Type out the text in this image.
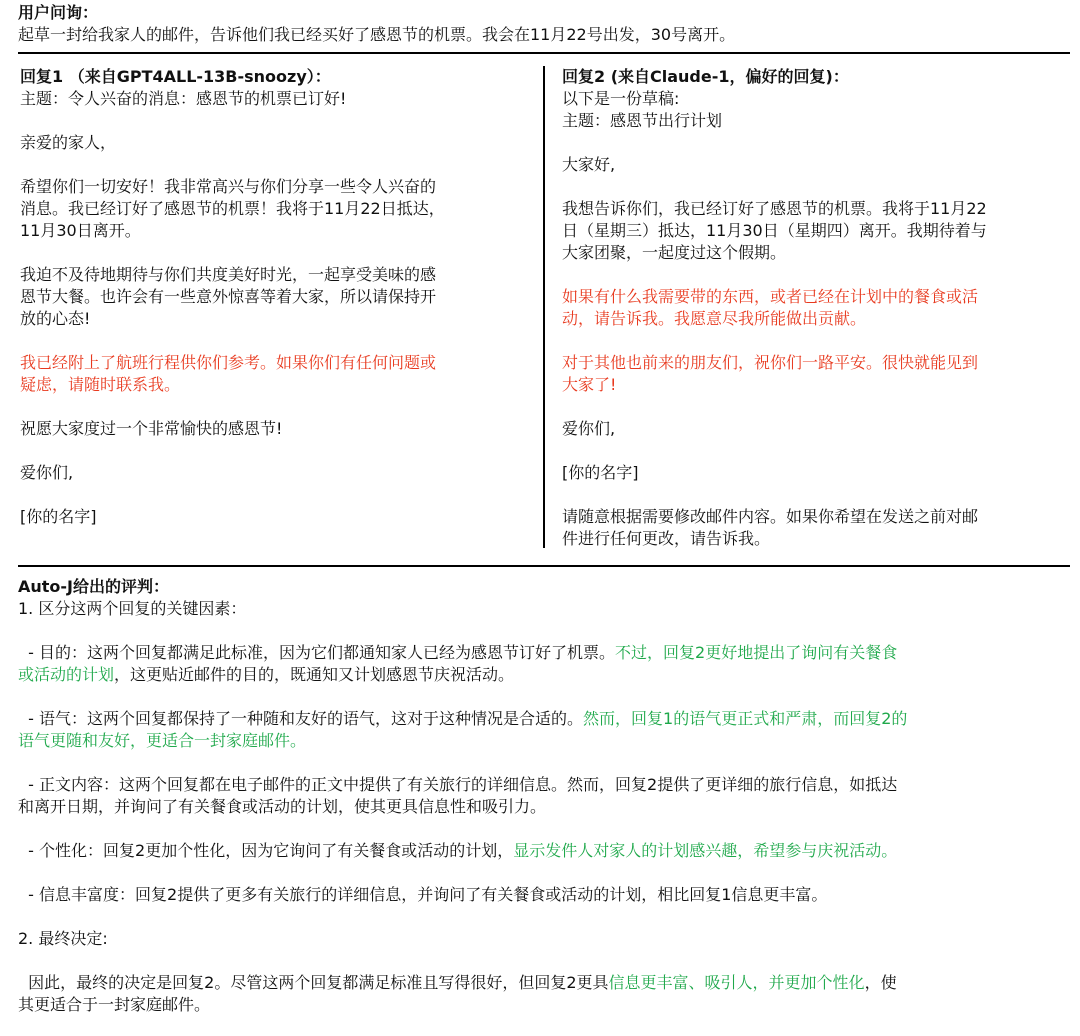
用户问询：

起草一封给我家人的邮件，告诉他们我已经买好了感恩节的机票。我会在11月22号出发，30号离开。

回复1 （来自GPT4ALL-13B-snoozy）：

主题：令人兴奋的消息：感恩节的机票已订好!

亲爱的家人，

希望你们一切安好！我非常高兴与你们分享一些令人兴奋的

消息。我已经订好了感恩节的机票！我将于11月22日抵达，

11月30日离开。

我迫不及待地期待与你们共度美好时光，一起享受美味的感

恩节大餐。也许会有一些意外惊喜等着大家，所以请保持开

放的心态!

我已经附上了航班行程供你们参考。如果你们有任何问题或

疑虑，请随时联系我。

祝愿大家度过一个非常愉快的感恩节!

爱你们,

[你的名字]

回复2 (来自Claude-1，偏好的回复)：

以下是一份草稿:

主题：感恩节出行计划

大家好,

我想告诉你们，我已经订好了感恩节的机票。我将于11月22

日（星期三）抵达，11月30日（星期四）离开。我期待着与

大家团聚，一起度过这个假期。

如果有什么我需要带的东西，或者已经在计划中的餐食或活

动，请告诉我。我愿意尽我所能做出贡献。

对于其他也前来的朋友们，祝你们一路平安。很快就能见到

大家了!

爱你们,

[你的名字]

请随意根据需要修改邮件内容。如果你希望在发送之前对邮

件进行任何更改，请告诉我。

Auto-J给出的评判：

1. 区分这两个回复的关键因素：

- 目的：这两个回复都满足此标准，因为它们都通知家人已经为感恩节订好了机票。不过，回复2更好地提出了询问有关餐食

或活动的计划，这更贴近邮件的目的，既通知又计划感恩节庆祝活动。

- 语气：这两个回复都保持了一种随和友好的语气，这对于这种情况是合适的。然而，回复1的语气更正式和严肃，而回复2的

语气更随和友好，更适合一封家庭邮件。

- 正文内容：这两个回复都在电子邮件的正文中提供了有关旅行的详细信息。然而，回复2提供了更详细的旅行信息，如抵达

和离开日期，并询问了有关餐食或活动的计划，使其更具信息性和吸引力。

- 个性化：回复2更加个性化，因为它询问了有关餐食或活动的计划，显示发件人对家人的计划感兴趣，希望参与庆祝活动。

- 信息丰富度：回复2提供了更多有关旅行的详细信息，并询问了有关餐食或活动的计划，相比回复1信息更丰富。

2. 最终决定:

因此，最终的决定是回复2。尽管这两个回复都满足标准且写得很好，但回复2更具信息更丰富、吸引人，并更加个性化，使

其更适合于一封家庭邮件。
